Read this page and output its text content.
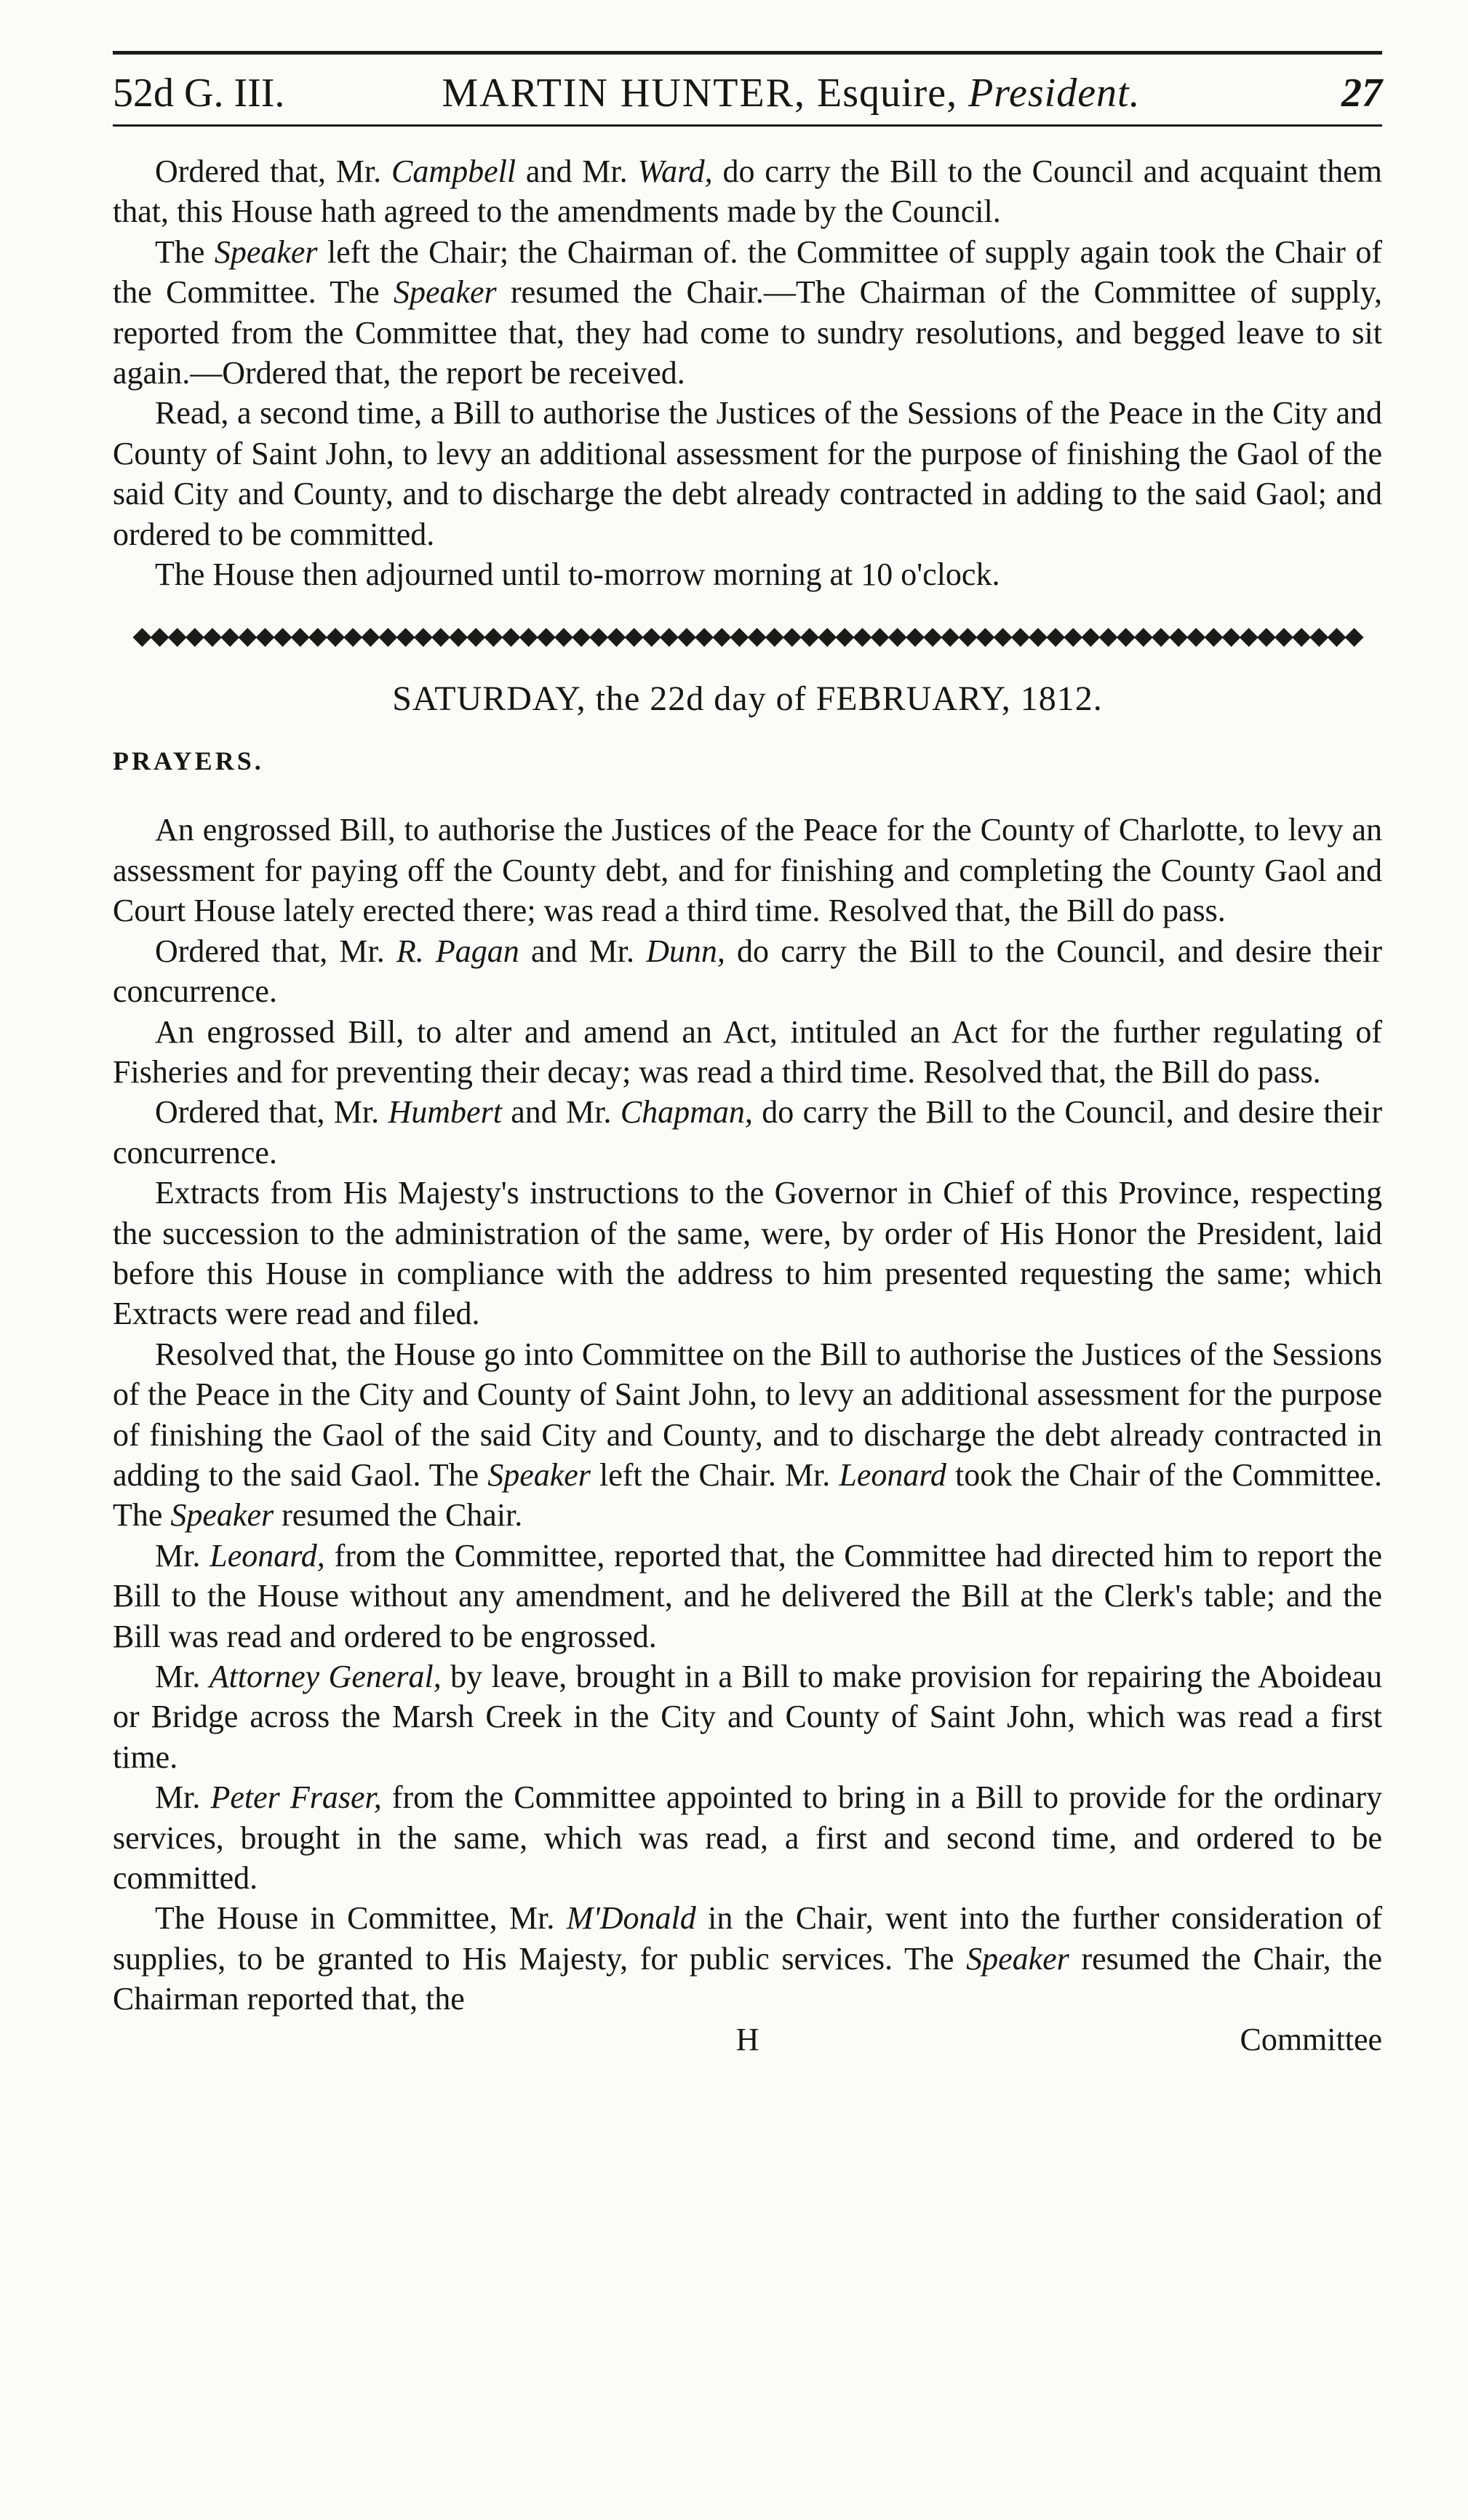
52d G. III.	MARTIN HUNTER, Esquire, President.	27

Ordered that, Mr. Campbell and Mr. Ward, do carry the Bill to the Council and acquaint them that, this House hath agreed to the amendments made by the Council.

The Speaker left the Chair; the Chairman of. the Committee of supply again took the Chair of the Committee. The Speaker resumed the Chair.—The Chairman of the Committee of supply, reported from the Committee that, they had come to sundry resolutions, and begged leave to sit again.—Ordered that, the report be received.

Read, a second time, a Bill to authorise the Justices of the Sessions of the Peace in the City and County of Saint John, to levy an additional assessment for the purpose of finishing the Gaol of the said City and County, and to discharge the debt already contracted in adding to the said Gaol; and ordered to be committed.

The House then adjourned until to-morrow morning at 10 o'clock.

◆◆◆◆◆◆◆◆◆◆◆◆◆◆◆◆◆◆◆◆◆◆◆◆◆◆◆◆◆◆◆◆◆◆◆◆◆◆◆◆◆◆◆◆◆◆◆◆◆◆◆◆◆◆◆◆◆◆◆◆◆◆◆◆◆◆◆◆◆◆
SATURDAY, the 22d day of FEBRUARY, 1812.
PRAYERS.

An engrossed Bill, to authorise the Justices of the Peace for the County of Charlotte, to levy an assessment for paying off the County debt, and for finishing and completing the County Gaol and Court House lately erected there; was read a third time. Resolved that, the Bill do pass.

Ordered that, Mr. R. Pagan and Mr. Dunn, do carry the Bill to the Council, and desire their concurrence.

An engrossed Bill, to alter and amend an Act, intituled an Act for the further regulating of Fisheries and for preventing their decay; was read a third time. Resolved that, the Bill do pass.

Ordered that, Mr. Humbert and Mr. Chapman, do carry the Bill to the Council, and desire their concurrence.

Extracts from His Majesty's instructions to the Governor in Chief of this Province, respecting the succession to the administration of the same, were, by order of His Honor the President, laid before this House in compliance with the address to him presented requesting the same; which Extracts were read and filed.

Resolved that, the House go into Committee on the Bill to authorise the Justices of the Sessions of the Peace in the City and County of Saint John, to levy an additional assessment for the purpose of finishing the Gaol of the said City and County, and to discharge the debt already contracted in adding to the said Gaol. The Speaker left the Chair. Mr. Leonard took the Chair of the Committee. The Speaker resumed the Chair.

Mr. Leonard, from the Committee, reported that, the Committee had directed him to report the Bill to the House without any amendment, and he delivered the Bill at the Clerk's table; and the Bill was read and ordered to be engrossed.

Mr. Attorney General, by leave, brought in a Bill to make provision for repairing the Aboideau or Bridge across the Marsh Creek in the City and County of Saint John, which was read a first time.

Mr. Peter Fraser, from the Committee appointed to bring in a Bill to provide for the ordinary services, brought in the same, which was read, a first and second time, and ordered to be committed.

The House in Committee, Mr. M'Donald in the Chair, went into the further consideration of supplies, to be granted to His Majesty, for public services. The Speaker resumed the Chair, the Chairman reported that, the

H	Committee
